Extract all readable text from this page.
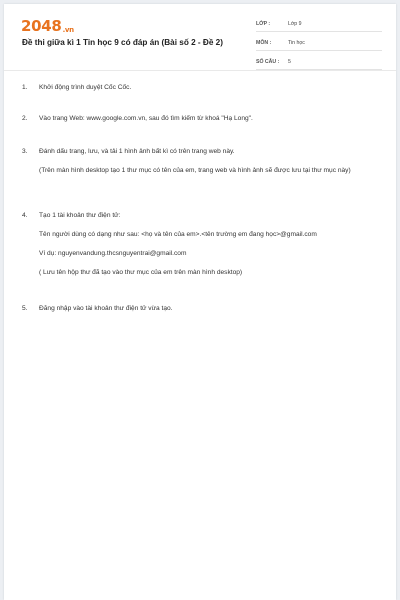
2048.vn
Đề thi giữa kì 1 Tin học 9 có đáp án (Bài số 2 - Đề 2)
LỚP :	Lớp 9
MÔN :	Tin học
SỐ CÂU :	5
1. Khởi động trình duyệt Cốc Cốc.
2. Vào trang Web: www.google.com.vn, sau đó tìm kiếm từ khoá "Hạ Long".
3. Đánh dấu trang, lưu, và tải 1 hình ảnh bất kì có trên trang web này.
(Trên màn hình desktop tạo 1 thư mục có tên của em, trang web và hình ảnh sẽ được lưu tại thư mục này)
4. Tạo 1 tài khoản thư điện tử:
Tên người dùng có dạng như sau: <họ và tên của em>.<tên trường em đang học>@gmail.com
Ví dụ: nguyenvandung.thcsnguyentrai@gmail.com
( Lưu tên hộp thư đã tạo vào thư mục của em trên màn hình desktop)
5. Đăng nhập vào tài khoản thư điện tử vừa tạo.
